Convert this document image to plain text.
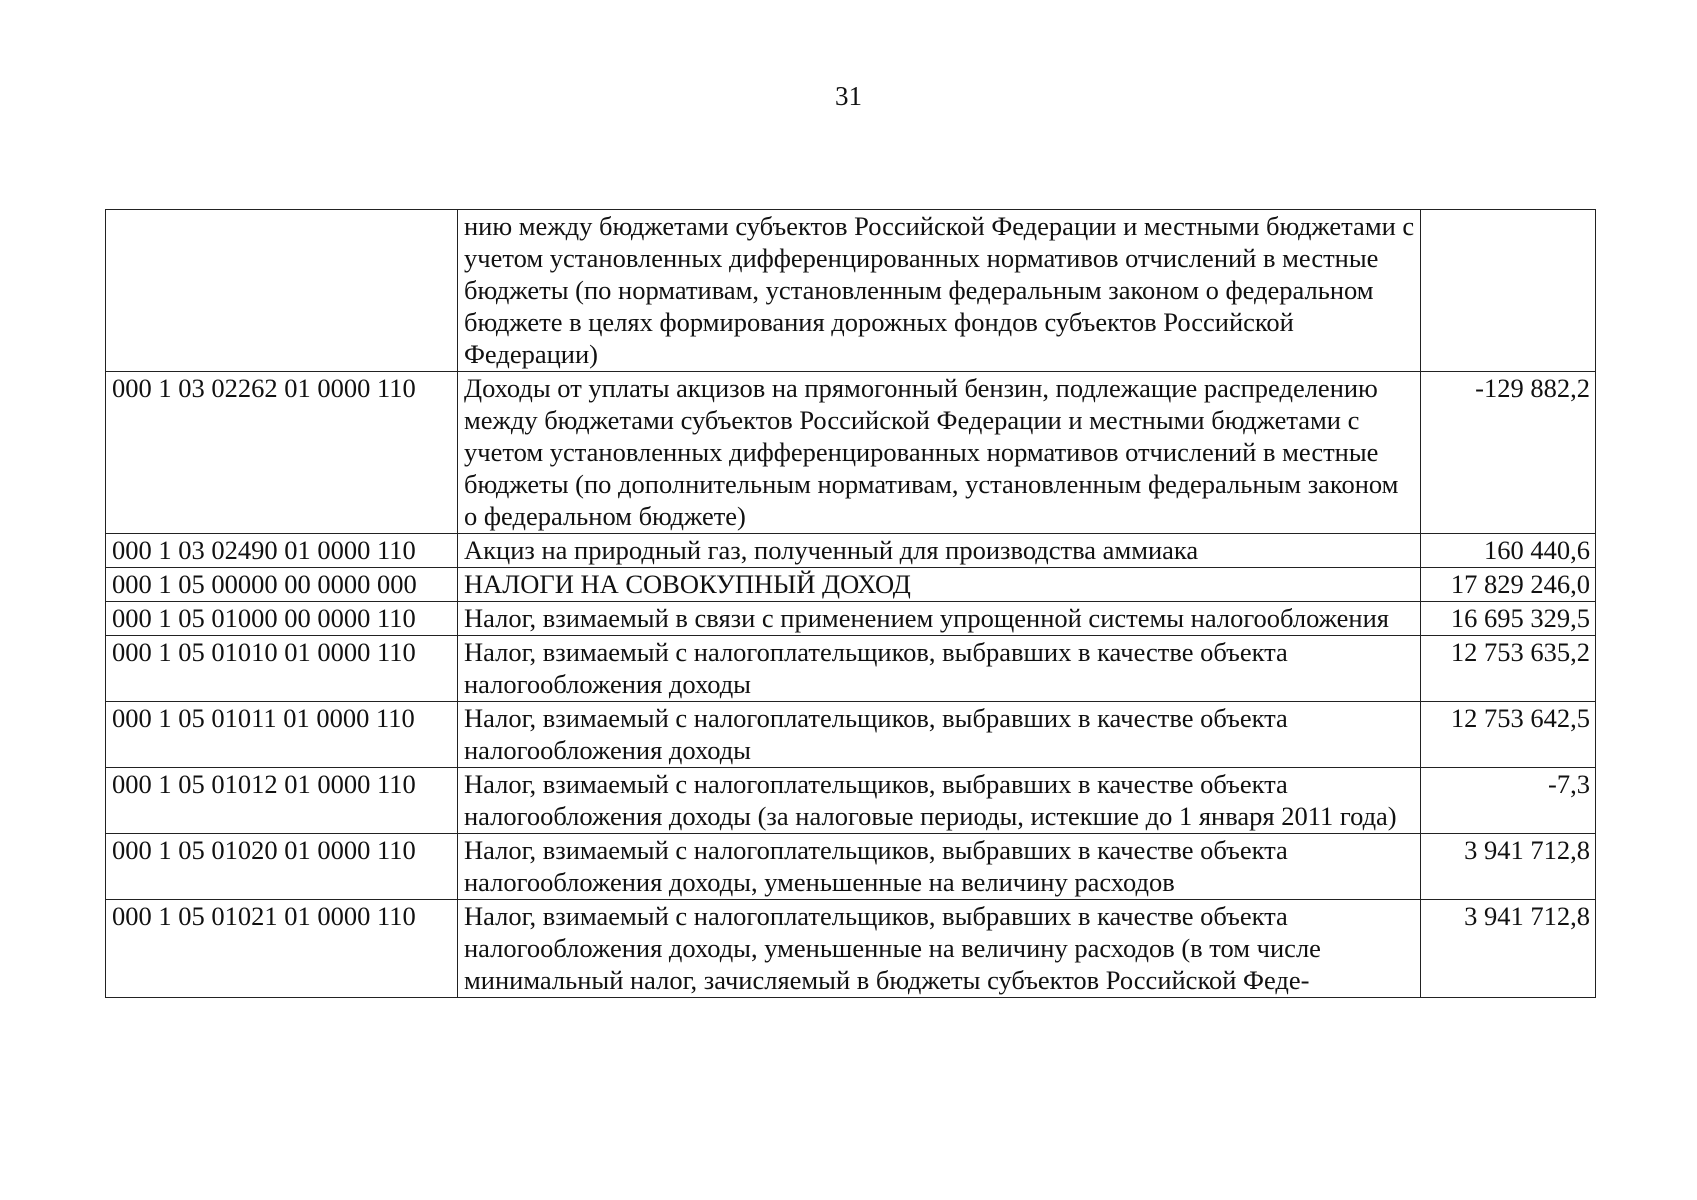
31
	нию между бюджетами субъектов Российской Федерации и местными бюджетами с учетом установленных дифференцированных нормативов отчислений в местные бюджеты (по нормативам, установленным федеральным законом о федеральном бюджете в целях формирования дорожных фондов субъектов Российской Федерации)	
000 1 03 02262 01 0000 110	Доходы от уплаты акцизов на прямогонный бензин, подлежащие распределению между бюджетами субъектов Российской Федерации и местными бюджетами с учетом установленных дифференцированных нормативов отчислений в местные бюджеты (по дополнительным нормативам, установленным федеральным законом о федеральном бюджете)	-129 882,2
000 1 03 02490 01 0000 110	Акциз на природный газ, полученный для производства аммиака	160 440,6
000 1 05 00000 00 0000 000	НАЛОГИ НА СОВОКУПНЫЙ ДОХОД	17 829 246,0
000 1 05 01000 00 0000 110	Налог, взимаемый в связи с применением упрощенной системы налогообложения	16 695 329,5
000 1 05 01010 01 0000 110	Налог, взимаемый с налогоплательщиков, выбравших в качестве объекта налогообложения доходы	12 753 635,2
000 1 05 01011 01 0000 110	Налог, взимаемый с налогоплательщиков, выбравших в качестве объекта налогообложения доходы	12 753 642,5
000 1 05 01012 01 0000 110	Налог, взимаемый с налогоплательщиков, выбравших в качестве объекта налогообложения доходы (за налоговые периоды, истекшие до 1 января 2011 года)	-7,3
000 1 05 01020 01 0000 110	Налог, взимаемый с налогоплательщиков, выбравших в качестве объекта налогообложения доходы, уменьшенные на величину расходов	3 941 712,8
000 1 05 01021 01 0000 110	Налог, взимаемый с налогоплательщиков, выбравших в качестве объекта налогообложения доходы, уменьшенные на величину расходов (в том числе минимальный налог, зачисляемый в бюджеты субъектов Российской Феде-	3 941 712,8
